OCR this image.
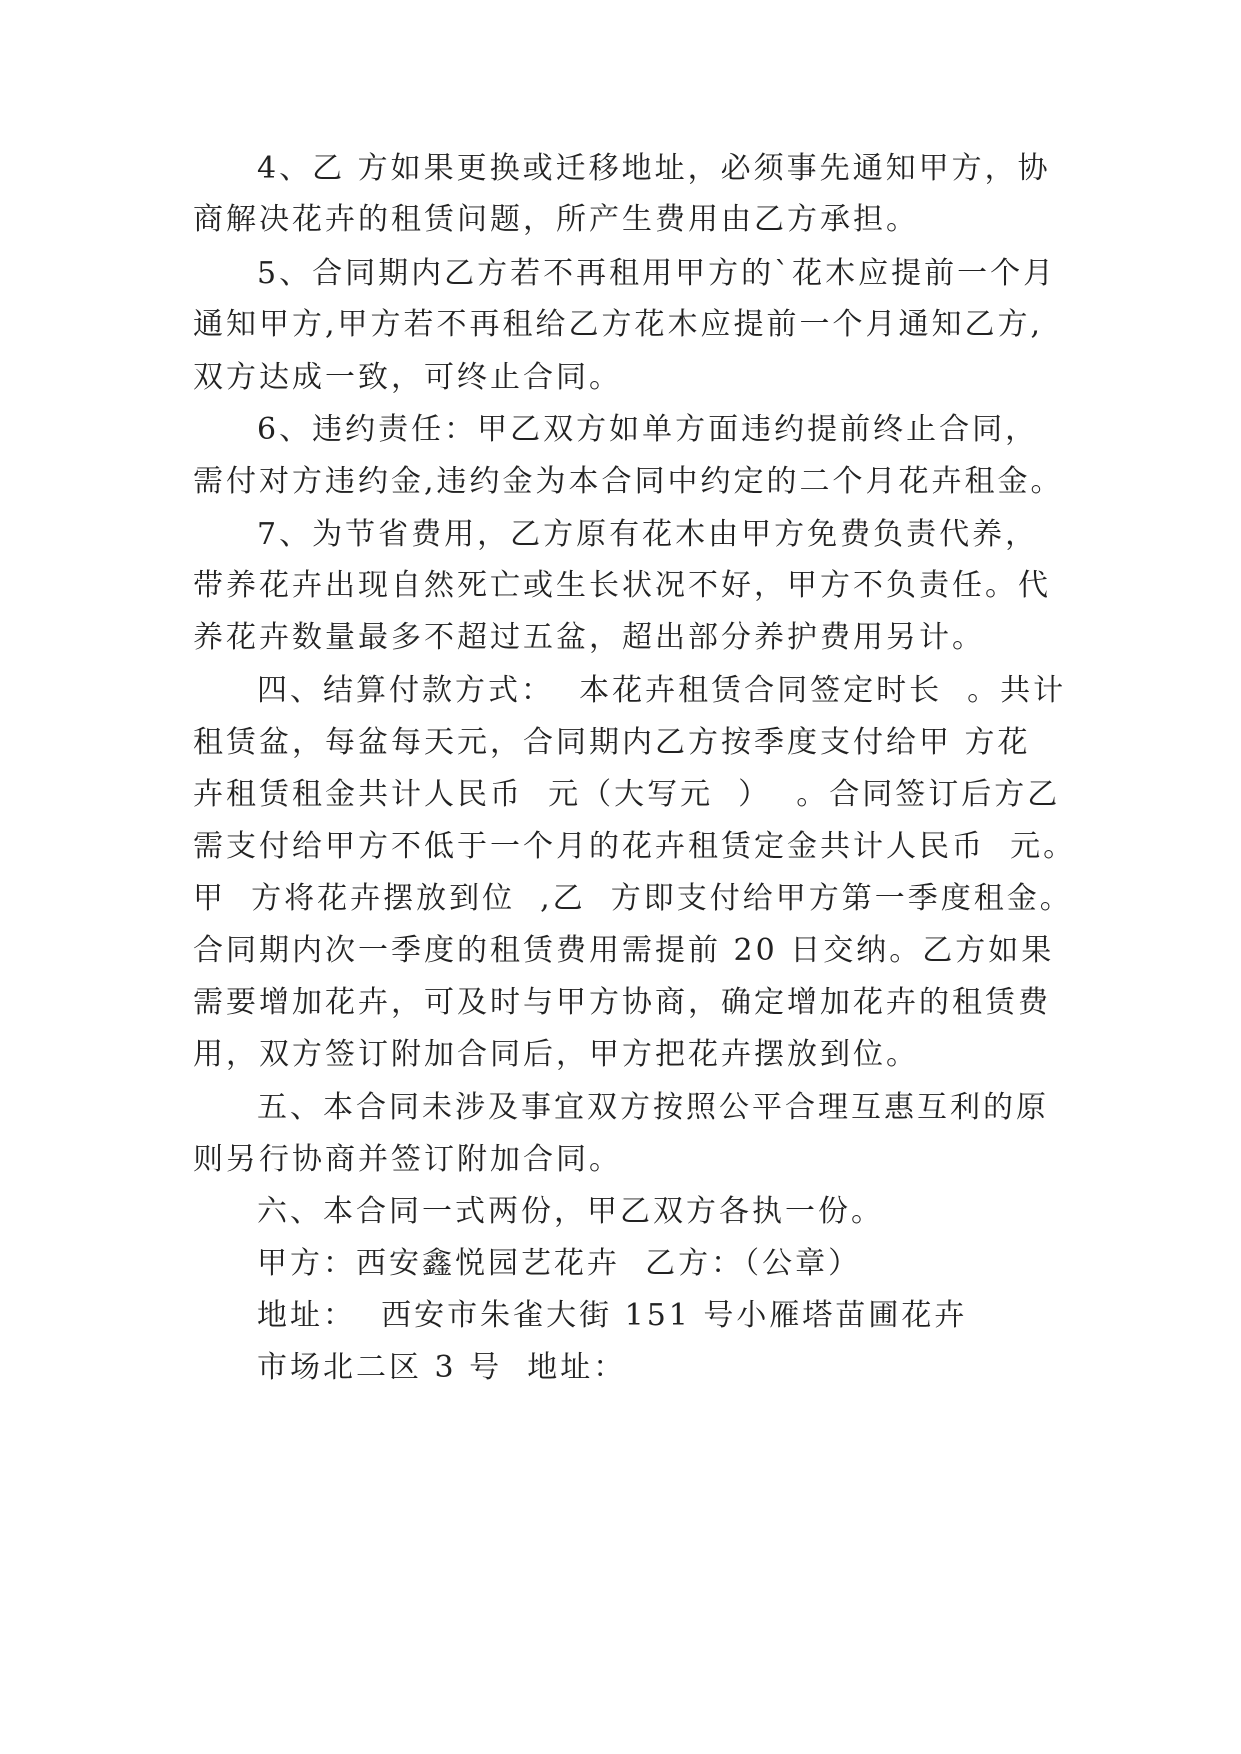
4、乙 方如果更换或迁移地址，必须事先通知甲方，协
商解决花卉的租赁问题，所产生费用由乙方承担。
5、合同期内乙方若不再租用甲方的`花木应提前一个月
通知甲方,甲方若不再租给乙方花木应提前一个月通知乙方,
双方达成一致，可终止合同。
6、违约责任：甲乙双方如单方面违约提前终止合同，
需付对方违约金,违约金为本合同中约定的二个月花卉租金。
7、为节省费用，乙方原有花木由甲方免费负责代养，
带养花卉出现自然死亡或生长状况不好，甲方不负责任。代
养花卉数量最多不超过五盆，超出部分养护费用另计。
四、结算付款方式：  本花卉租赁合同签定时长  。共计
租赁盆，每盆每天元，合同期内乙方按季度支付给甲 方花
卉租赁租金共计人民币  元（大写元  ）  。合同签订后方乙
需支付给甲方不低于一个月的花卉租赁定金共计人民币  元。
甲  方将花卉摆放到位  ,乙  方即支付给甲方第一季度租金。
合同期内次一季度的租赁费用需提前 20 日交纳。乙方如果
需要增加花卉，可及时与甲方协商，确定增加花卉的租赁费
用，双方签订附加合同后，甲方把花卉摆放到位。
五、本合同未涉及事宜双方按照公平合理互惠互利的原
则另行协商并签订附加合同。
六、本合同一式两份，甲乙双方各执一份。
甲方：西安鑫悦园艺花卉  乙方：（公章）
地址：  西安市朱雀大街 151 号小雁塔苗圃花卉
市场北二区 3 号  地址：
